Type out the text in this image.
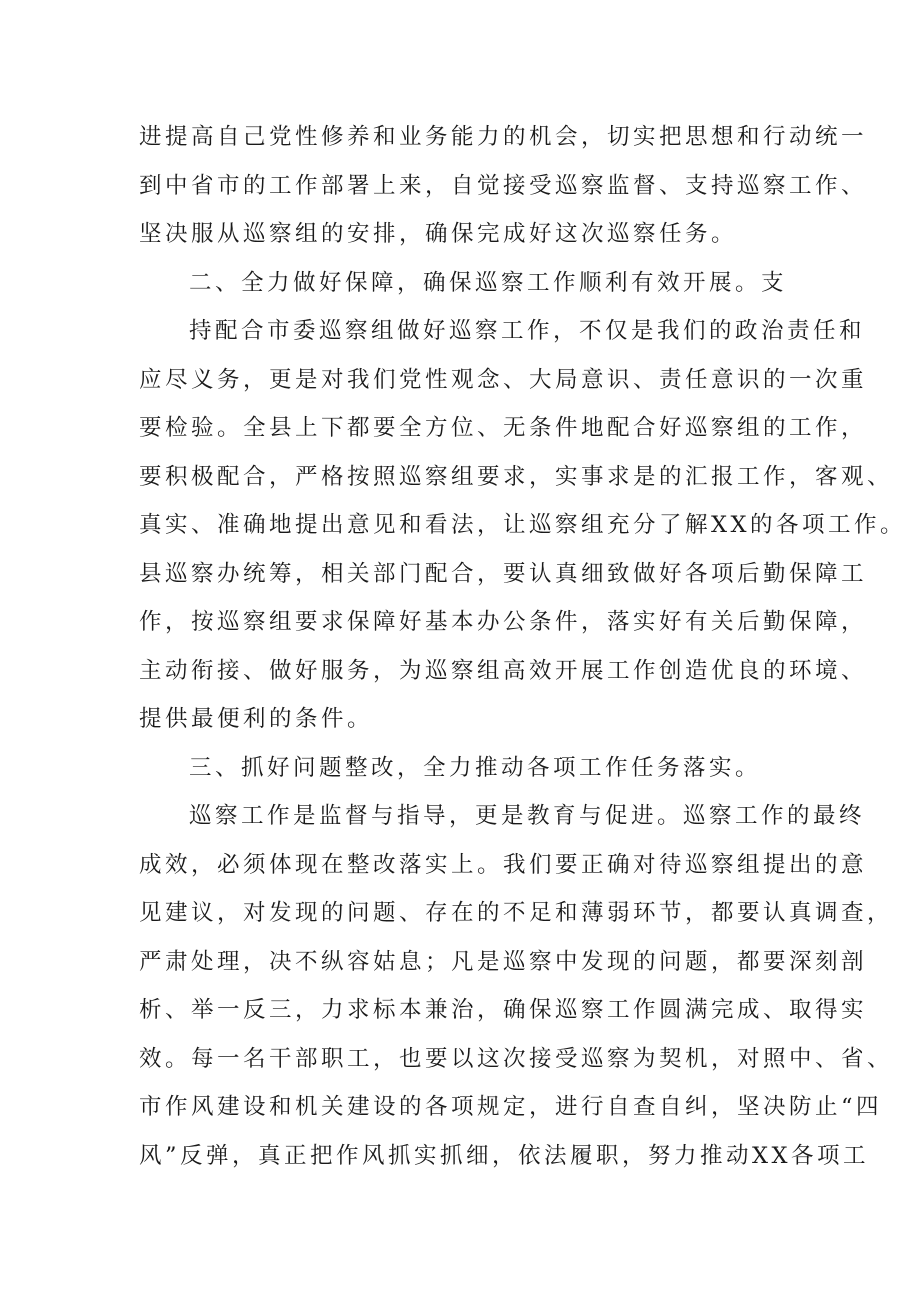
进提高自己党性修养和业务能力的机会，切实把思想和行动统一
到中省市的工作部署上来，自觉接受巡察监督、支持巡察工作、
坚决服从巡察组的安排，确保完成好这次巡察任务。
二、全力做好保障，确保巡察工作顺利有效开展。支
持配合市委巡察组做好巡察工作，不仅是我们的政治责任和
应尽义务，更是对我们党性观念、大局意识、责任意识的一次重
要检验。全县上下都要全方位、无条件地配合好巡察组的工作，
要积极配合，严格按照巡察组要求，实事求是的汇报工作，客观、
真实、准确地提出意见和看法，让巡察组充分了解XX的各项工作。
县巡察办统筹，相关部门配合，要认真细致做好各项后勤保障工
作，按巡察组要求保障好基本办公条件，落实好有关后勤保障，
主动衔接、做好服务，为巡察组高效开展工作创造优良的环境、
提供最便利的条件。
三、抓好问题整改，全力推动各项工作任务落实。
巡察工作是监督与指导，更是教育与促进。巡察工作的最终
成效，必须体现在整改落实上。我们要正确对待巡察组提出的意
见建议，对发现的问题、存在的不足和薄弱环节，都要认真调查，
严肃处理，决不纵容姑息；凡是巡察中发现的问题，都要深刻剖
析、举一反三，力求标本兼治，确保巡察工作圆满完成、取得实
效。每一名干部职工，也要以这次接受巡察为契机，对照中、省、
市作风建设和机关建设的各项规定，进行自查自纠，坚决防止“四
风”反弹，真正把作风抓实抓细，依法履职，努力推动XX各项工
